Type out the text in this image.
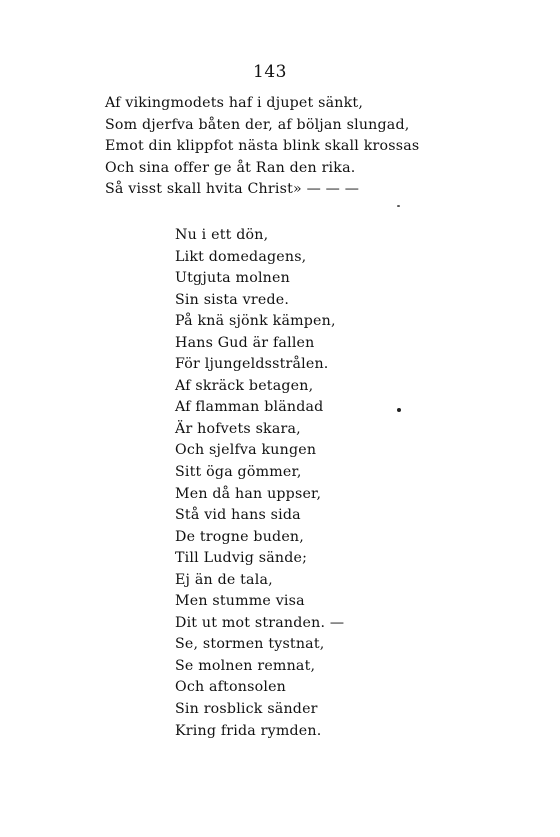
143
Af vikingmodets haf i djupet sänkt,
Som djerfva båten der, af böljan slungad,
Emot din klippfot nästa blink skall krossas
Och sina offer ge åt Ran den rika.
Så visst skall hvita Christ» — — —
Nu i ett dön,
Likt domedagens,
Utgjuta molnen
Sin sista vrede.
På knä sjönk kämpen,
Hans Gud är fallen
För ljungeldsstrålen.
Af skräck betagen,
Af flamman bländad
Är hofvets skara,
Och sjelfva kungen
Sitt öga gömmer,
Men då han uppser,
Stå vid hans sida
De trogne buden,
Till Ludvig sände;
Ej än de tala,
Men stumme visa
Dit ut mot stranden. —
Se, stormen tystnat,
Se molnen remnat,
Och aftonsolen
Sin rosblick sänder
Kring frida rymden.
